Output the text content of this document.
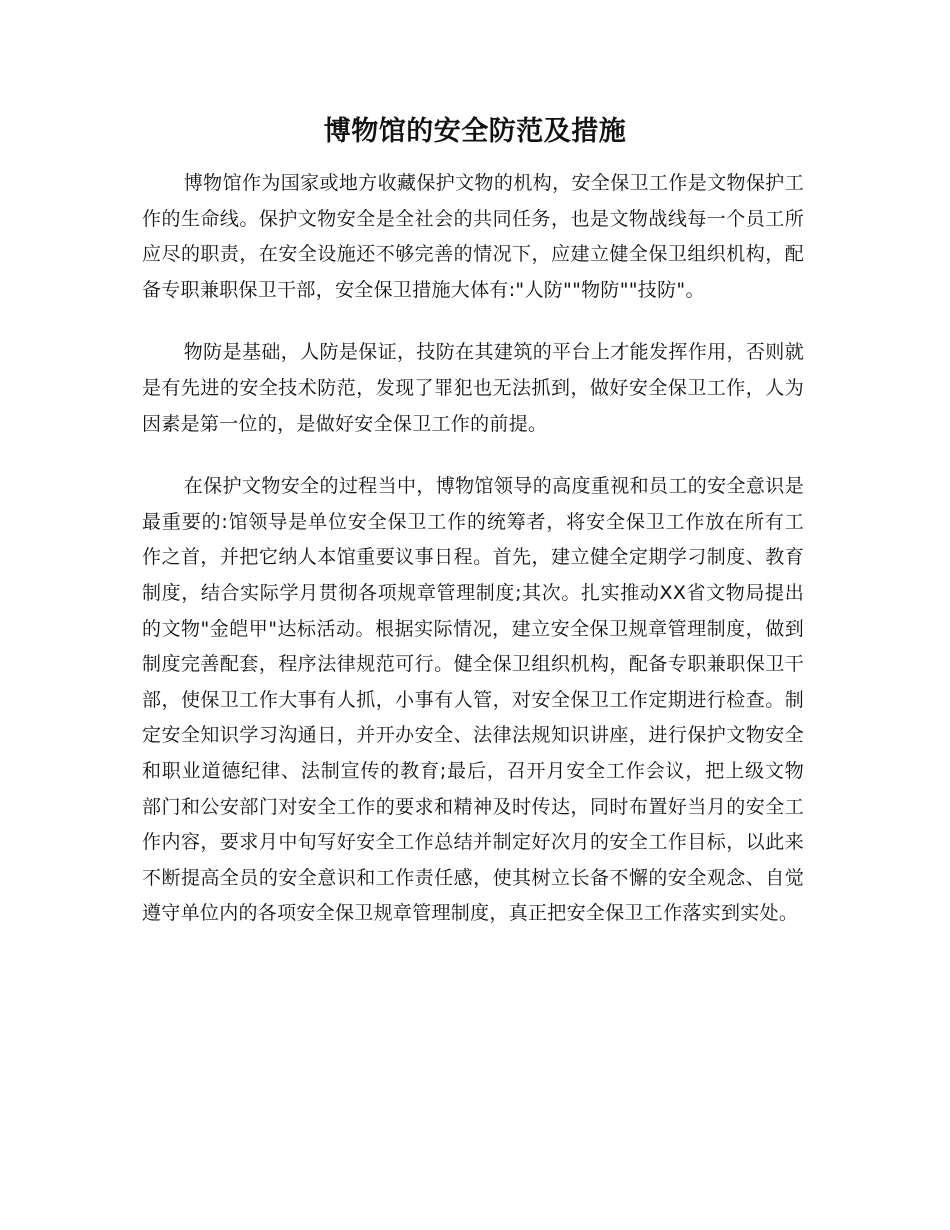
博物馆的安全防范及措施

博物馆作为国家或地方收藏保护文物的机构，安全保卫工作是文物保护工作的生命线。保护文物安全是全社会的共同任务，也是文物战线每一个员工所应尽的职责，在安全设施还不够完善的情况下，应建立健全保卫组织机构，配备专职兼职保卫干部，安全保卫措施大体有:"人防""物防""技防"。

物防是基础，人防是保证，技防在其建筑的平台上才能发挥作用，否则就是有先进的安全技术防范，发现了罪犯也无法抓到，做好安全保卫工作，人为因素是第一位的，是做好安全保卫工作的前提。

在保护文物安全的过程当中，博物馆领导的高度重视和员工的安全意识是最重要的:馆领导是单位安全保卫工作的统筹者，将安全保卫工作放在所有工作之首，并把它纳人本馆重要议事日程。首先，建立健全定期学刁制度、教育制度，结合实际学月贯彻各项规章管理制度;其次。扎实推动XX省文物局提出的文物"金皑甲"达标活动。根据实际情况，建立安全保卫规章管理制度，做到制度完善配套，程序法律规范可行。健全保卫组织机构，配备专职兼职保卫干部，使保卫工作大事有人抓，小事有人管，对安全保卫工作定期进行检查。制定安全知识学习沟通日，并开办安全、法律法规知识讲座，进行保护文物安全和职业道德纪律、法制宣传的教育;最后，召开月安全工作会议，把上级文物部门和公安部门对安全工作的要求和精神及时传达，同时布置好当月的安全工作内容，要求月中旬写好安全工作总结并制定好次月的安全工作目标，以此来不断提高全员的安全意识和工作责任感，使其树立长备不懈的安全观念、自觉遵守单位内的各项安全保卫规章管理制度，真正把安全保卫工作落实到实处。
